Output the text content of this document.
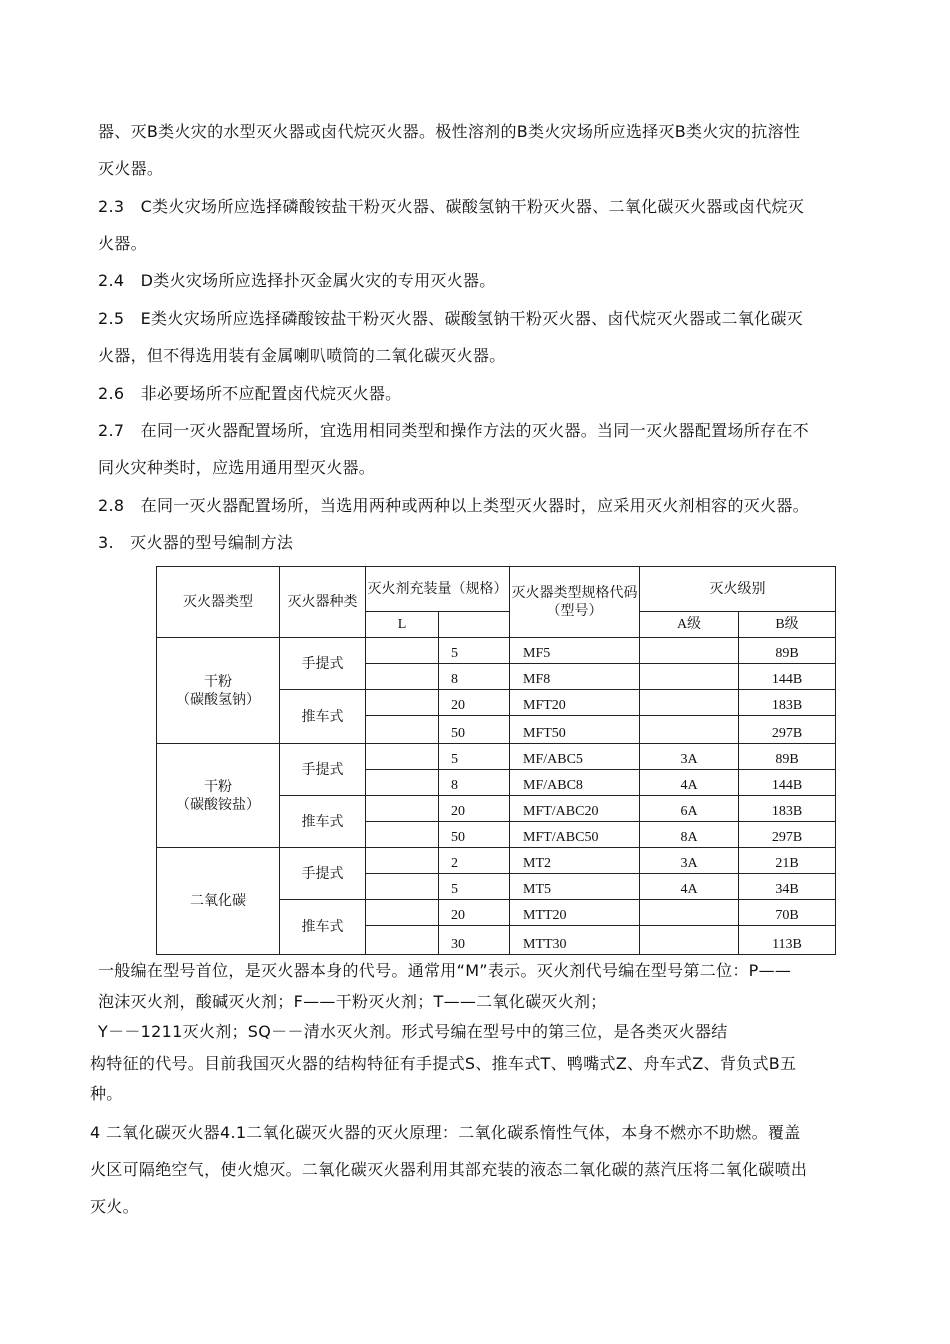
器、灭B类火灾的水型灭火器或卤代烷灭火器。极性溶剂的B类火灾场所应选择灭B类火灾的抗溶性
灭火器。
2.3　C类火灾场所应选择磷酸铵盐干粉灭火器、碳酸氢钠干粉灭火器、二氧化碳灭火器或卤代烷灭
火器。
2.4　D类火灾场所应选择扑灭金属火灾的专用灭火器。
2.5　E类火灾场所应选择磷酸铵盐干粉灭火器、碳酸氢钠干粉灭火器、卤代烷灭火器或二氧化碳灭
火器，但不得选用装有金属喇叭喷筒的二氧化碳灭火器。
2.6　非必要场所不应配置卤代烷灭火器。
2.7　在同一灭火器配置场所，宜选用相同类型和操作方法的灭火器。当同一灭火器配置场所存在不
同火灾种类时，应选用通用型灭火器。
2.8　在同一灭火器配置场所，当选用两种或两种以上类型灭火器时，应采用灭火剂相容的灭火器。
3.　灭火器的型号编制方法
灭火器类型	灭火器种类	灭火剂充装量（规格）		灭火器类型规格代码（型号）	灭火级别	
		L			A级	B级
干粉
（碳酸氢钠）	手提式		5	MF5		89B
			8	MF8		144B
	推车式		20	MFT20		183B
			50	MFT50		297B
干粉
（碳酸铵盐）	手提式		5	MF/ABC5	3A	89B
			8	MF/ABC8	4A	144B
	推车式		20	MFT/ABC20	6A	183B
			50	MFT/ABC50	8A	297B
二氧化碳	手提式		2	MT2	3A	21B
			5	MT5	4A	34B
	推车式		20	MTT20		70B
			30	MTT30		113B
一般编在型号首位，是灭火器本身的代号。通常用“M”表示。灭火剂代号编在型号第二位：P——
泡沫灭火剂，酸碱灭火剂；F——干粉灭火剂；T——二氧化碳灭火剂；
Y－－1211灭火剂；SQ－－清水灭火剂。形式号编在型号中的第三位，是各类灭火器结
构特征的代号。目前我国灭火器的结构特征有手提式S、推车式T、鸭嘴式Z、舟车式Z、背负式B五
种。
4 二氧化碳灭火器4.1二氧化碳灭火器的灭火原理：二氧化碳系惰性气体，本身不燃亦不助燃。覆盖
火区可隔绝空气，使火熄灭。二氧化碳灭火器利用其部充装的液态二氧化碳的蒸汽压将二氧化碳喷出
灭火。
